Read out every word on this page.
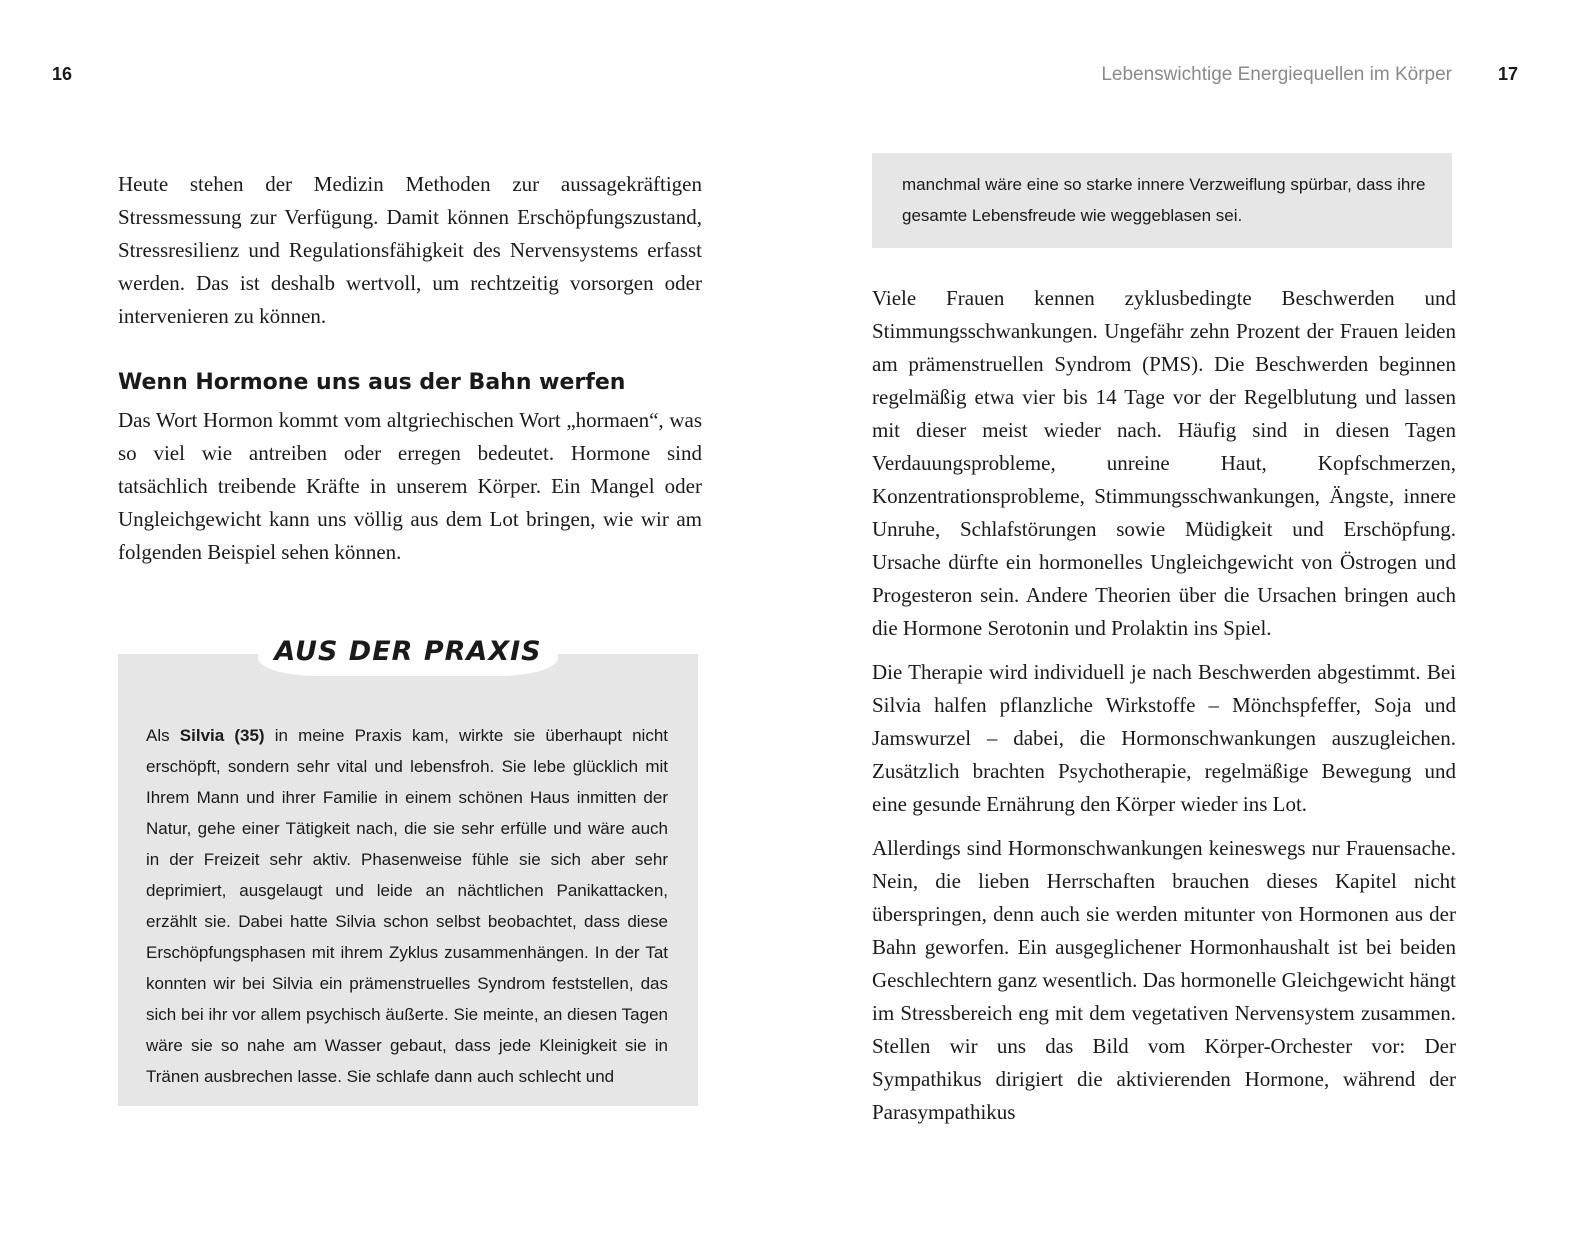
16

Heute stehen der Medizin Methoden zur aussagekräftigen Stressmessung zur Verfügung. Damit können Erschöpfungszustand, Stressresilienz und Regulationsfähigkeit des Nervensystems erfasst werden. Das ist deshalb wertvoll, um rechtzeitig vorsorgen oder intervenieren zu können.

Wenn Hormone uns aus der Bahn werfen

Das Wort Hormon kommt vom altgriechischen Wort „hormaen“, was so viel wie antreiben oder erregen bedeutet. Hormone sind tatsächlich treibende Kräfte in unserem Körper. Ein Mangel oder Ungleichgewicht kann uns völlig aus dem Lot bringen, wie wir am folgenden Beispiel sehen können.

AUS DER PRAXIS

Als Silvia (35) in meine Praxis kam, wirkte sie überhaupt nicht erschöpft, sondern sehr vital und lebensfroh. Sie lebe glücklich mit Ihrem Mann und ihrer Familie in einem schönen Haus inmitten der Natur, gehe einer Tätigkeit nach, die sie sehr erfülle und wäre auch in der Freizeit sehr aktiv. Phasenweise fühle sie sich aber sehr deprimiert, ausgelaugt und leide an nächtlichen Panikattacken, erzählt sie. Dabei hatte Silvia schon selbst beobachtet, dass diese Erschöpfungsphasen mit ihrem Zyklus zusammenhängen. In der Tat konnten wir bei Silvia ein prämenstruelles Syndrom feststellen, das sich bei ihr vor allem psychisch äußerte. Sie meinte, an diesen Tagen wäre sie so nahe am Wasser gebaut, dass jede Kleinigkeit sie in Tränen ausbrechen lasse. Sie schlafe dann auch schlecht und

Lebenswichtige Energiequellen im Körper	17

manchmal wäre eine so starke innere Verzweiflung spürbar, dass ihre gesamte Lebensfreude wie weggeblasen sei.

Viele Frauen kennen zyklusbedingte Beschwerden und Stimmungsschwankungen. Ungefähr zehn Prozent der Frauen leiden am prämenstruellen Syndrom (PMS). Die Beschwerden beginnen regelmäßig etwa vier bis 14 Tage vor der Regelblutung und lassen mit dieser meist wieder nach. Häufig sind in diesen Tagen Verdauungsprobleme, unreine Haut, Kopfschmerzen, Konzentrationsprobleme, Stimmungsschwankungen, Ängste, innere Unruhe, Schlafstörungen sowie Müdigkeit und Erschöpfung. Ursache dürfte ein hormonelles Ungleichgewicht von Östrogen und Progesteron sein. Andere Theorien über die Ursachen bringen auch die Hormone Serotonin und Prolaktin ins Spiel.

Die Therapie wird individuell je nach Beschwerden abgestimmt. Bei Silvia halfen pflanzliche Wirkstoffe – Mönchspfeffer, Soja und Jamswurzel – dabei, die Hormonschwankungen auszugleichen. Zusätzlich brachten Psychotherapie, regelmäßige Bewegung und eine gesunde Ernährung den Körper wieder ins Lot.

Allerdings sind Hormonschwankungen keineswegs nur Frauensache. Nein, die lieben Herrschaften brauchen dieses Kapitel nicht überspringen, denn auch sie werden mitunter von Hormonen aus der Bahn geworfen. Ein ausgeglichener Hormonhaushalt ist bei beiden Geschlechtern ganz wesentlich. Das hormonelle Gleichgewicht hängt im Stressbereich eng mit dem vegetativen Nervensystem zusammen. Stellen wir uns das Bild vom Körper-Orchester vor: Der Sympathikus dirigiert die aktivierenden Hormone, während der Parasympathikus
